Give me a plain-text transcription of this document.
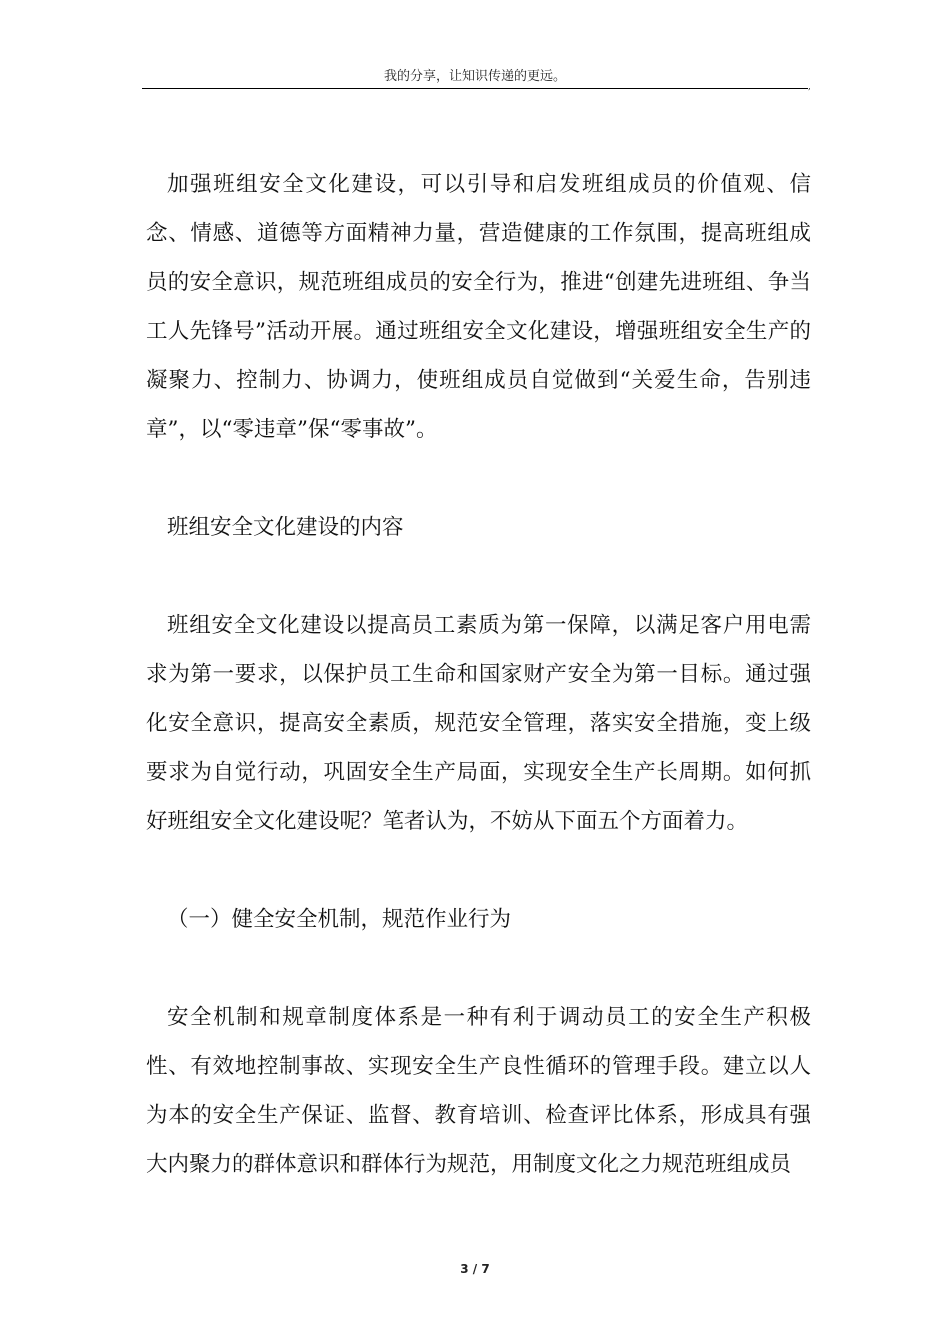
我的分享，让知识传递的更远。
,

加强班组安全文化建设，可以引导和启发班组成员的价值观、信念、情感、道德等方面精神力量，营造健康的工作氛围，提高班组成员的安全意识，规范班组成员的安全行为，推进“创建先进班组、争当工人先锋号”活动开展。通过班组安全文化建设，增强班组安全生产的凝聚力、控制力、协调力，使班组成员自觉做到“关爱生命，告别违章”，以“零违章”保“零事故”。

班组安全文化建设的内容

班组安全文化建设以提高员工素质为第一保障，以满足客户用电需求为第一要求，以保护员工生命和国家财产安全为第一目标。通过强化安全意识，提高安全素质，规范安全管理，落实安全措施，变上级要求为自觉行动，巩固安全生产局面，实现安全生产长周期。如何抓好班组安全文化建设呢？笔者认为，不妨从下面五个方面着力。

（一）健全安全机制，规范作业行为

安全机制和规章制度体系是一种有利于调动员工的安全生产积极性、有效地控制事故、实现安全生产良性循环的管理手段。建立以人为本的安全生产保证、监督、教育培训、检查评比体系，形成具有强大内聚力的群体意识和群体行为规范，用制度文化之力规范班组成员

3 / 7
